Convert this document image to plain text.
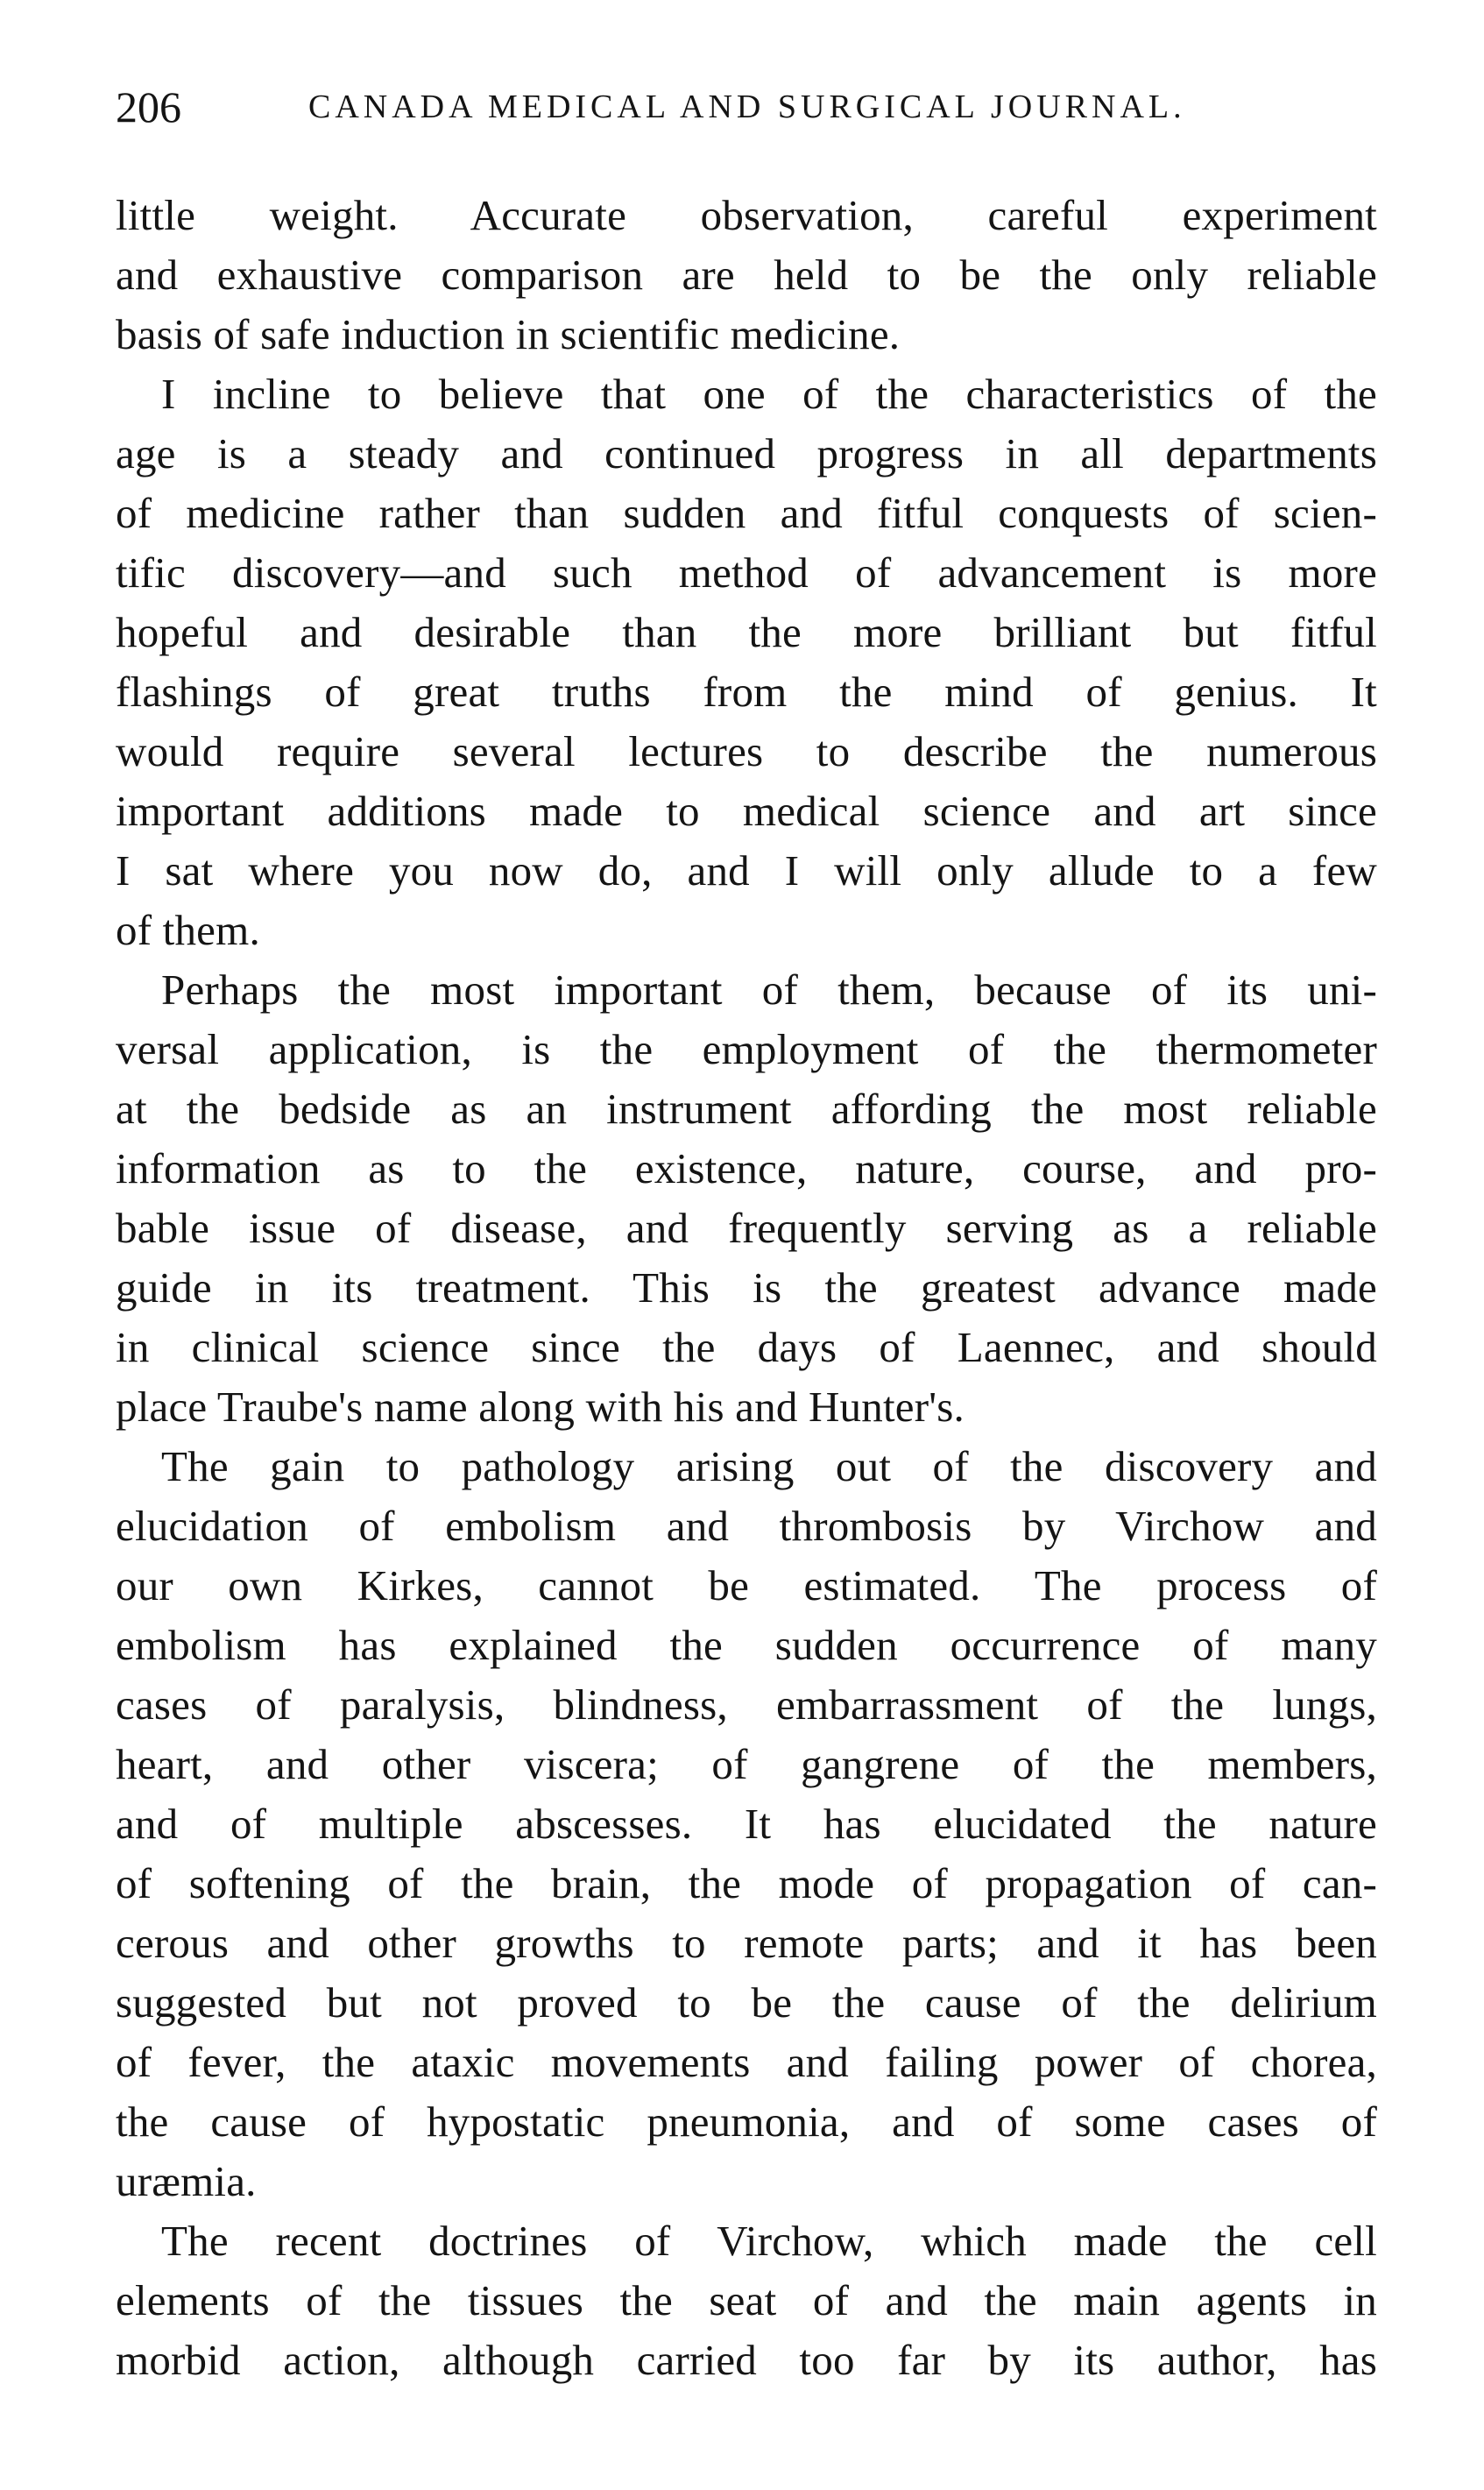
206	CANADA MEDICAL AND SURGICAL JOURNAL.

little weight. Accurate observation, careful experiment
and exhaustive comparison are held to be the only reliable
basis of safe induction in scientific medicine.

I incline to believe that one of the characteristics of the
age is a steady and continued progress in all departments
of medicine rather than sudden and fitful conquests of scien-
tific discovery—and such method of advancement is more
hopeful and desirable than the more brilliant but fitful
flashings of great truths from the mind of genius. It
would require several lectures to describe the numerous
important additions made to medical science and art since
I sat where you now do, and I will only allude to a few
of them.

Perhaps the most important of them, because of its uni-
versal application, is the employment of the thermometer
at the bedside as an instrument affording the most reliable
information as to the existence, nature, course, and pro-
bable issue of disease, and frequently serving as a reliable
guide in its treatment. This is the greatest advance made
in clinical science since the days of Laennec, and should
place Traube's name along with his and Hunter's.

The gain to pathology arising out of the discovery and
elucidation of embolism and thrombosis by Virchow and
our own Kirkes, cannot be estimated. The process of
embolism has explained the sudden occurrence of many
cases of paralysis, blindness, embarrassment of the lungs,
heart, and other viscera; of gangrene of the members,
and of multiple abscesses. It has elucidated the nature
of softening of the brain, the mode of propagation of can-
cerous and other growths to remote parts; and it has been
suggested but not proved to be the cause of the delirium
of fever, the ataxic movements and failing power of chorea,
the cause of hypostatic pneumonia, and of some cases of
uræmia.

The recent doctrines of Virchow, which made the cell
elements of the tissues the seat of and the main agents in
morbid action, although carried too far by its author, has
